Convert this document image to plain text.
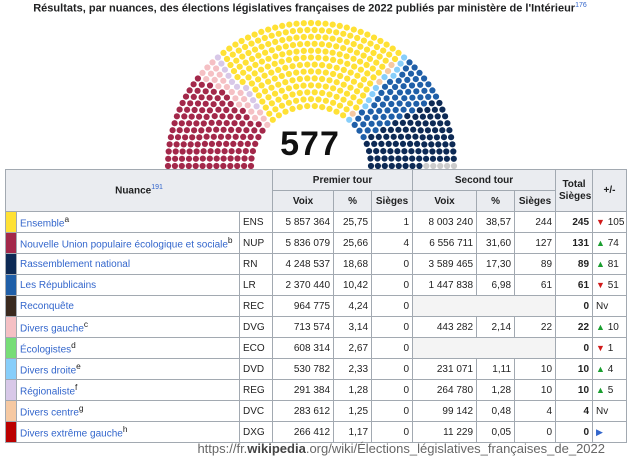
Résultats, par nuances, des élections législatives françaises de 2022 publiés par ministère de l'Intérieur$^{176}$
577
Nuance$^{191}$			Premier tour			Second tour			Total Sièges	+/-
			Voix	%	Sièges	Voix	%	Sièges		
	Ensemble$^a$	ENS	5 857 364	25,75	1	8 003 240	38,57	244	245	▼ 105
	Nouvelle Union populaire écologique et sociale$^b$	NUP	5 836 079	25,66	4	6 556 711	31,60	127	131	▲ 74
	Rassemblement national	RN	4 248 537	18,68	0	3 589 465	17,30	89	89	▲ 81
	Les Républicains	LR	2 370 440	10,42	0	1 447 838	6,98	61	61	▼ 51
	Reconquête	REC	964 775	4,24	0				0	Nv
	Divers gauche$^c$	DVG	713 574	3,14	0	443 282	2,14	22	22	▲ 10
	Écologistes$^d$	ECO	608 314	2,67	0				0	▼ 1
	Divers droite$^e$	DVD	530 782	2,33	0	231 071	1,11	10	10	▲ 4
	Régionaliste$^f$	REG	291 384	1,28	0	264 780	1,28	10	10	▲ 5
	Divers centre$^g$	DVC	283 612	1,25	0	99 142	0,48	4	4	Nv
	Divers extrême gauche$^h$	DXG	266 412	1,17	0	11 229	0,05	0	0	▶
https://fr.wikipedia.org/wiki/Élections_législatives_françaises_de_2022
